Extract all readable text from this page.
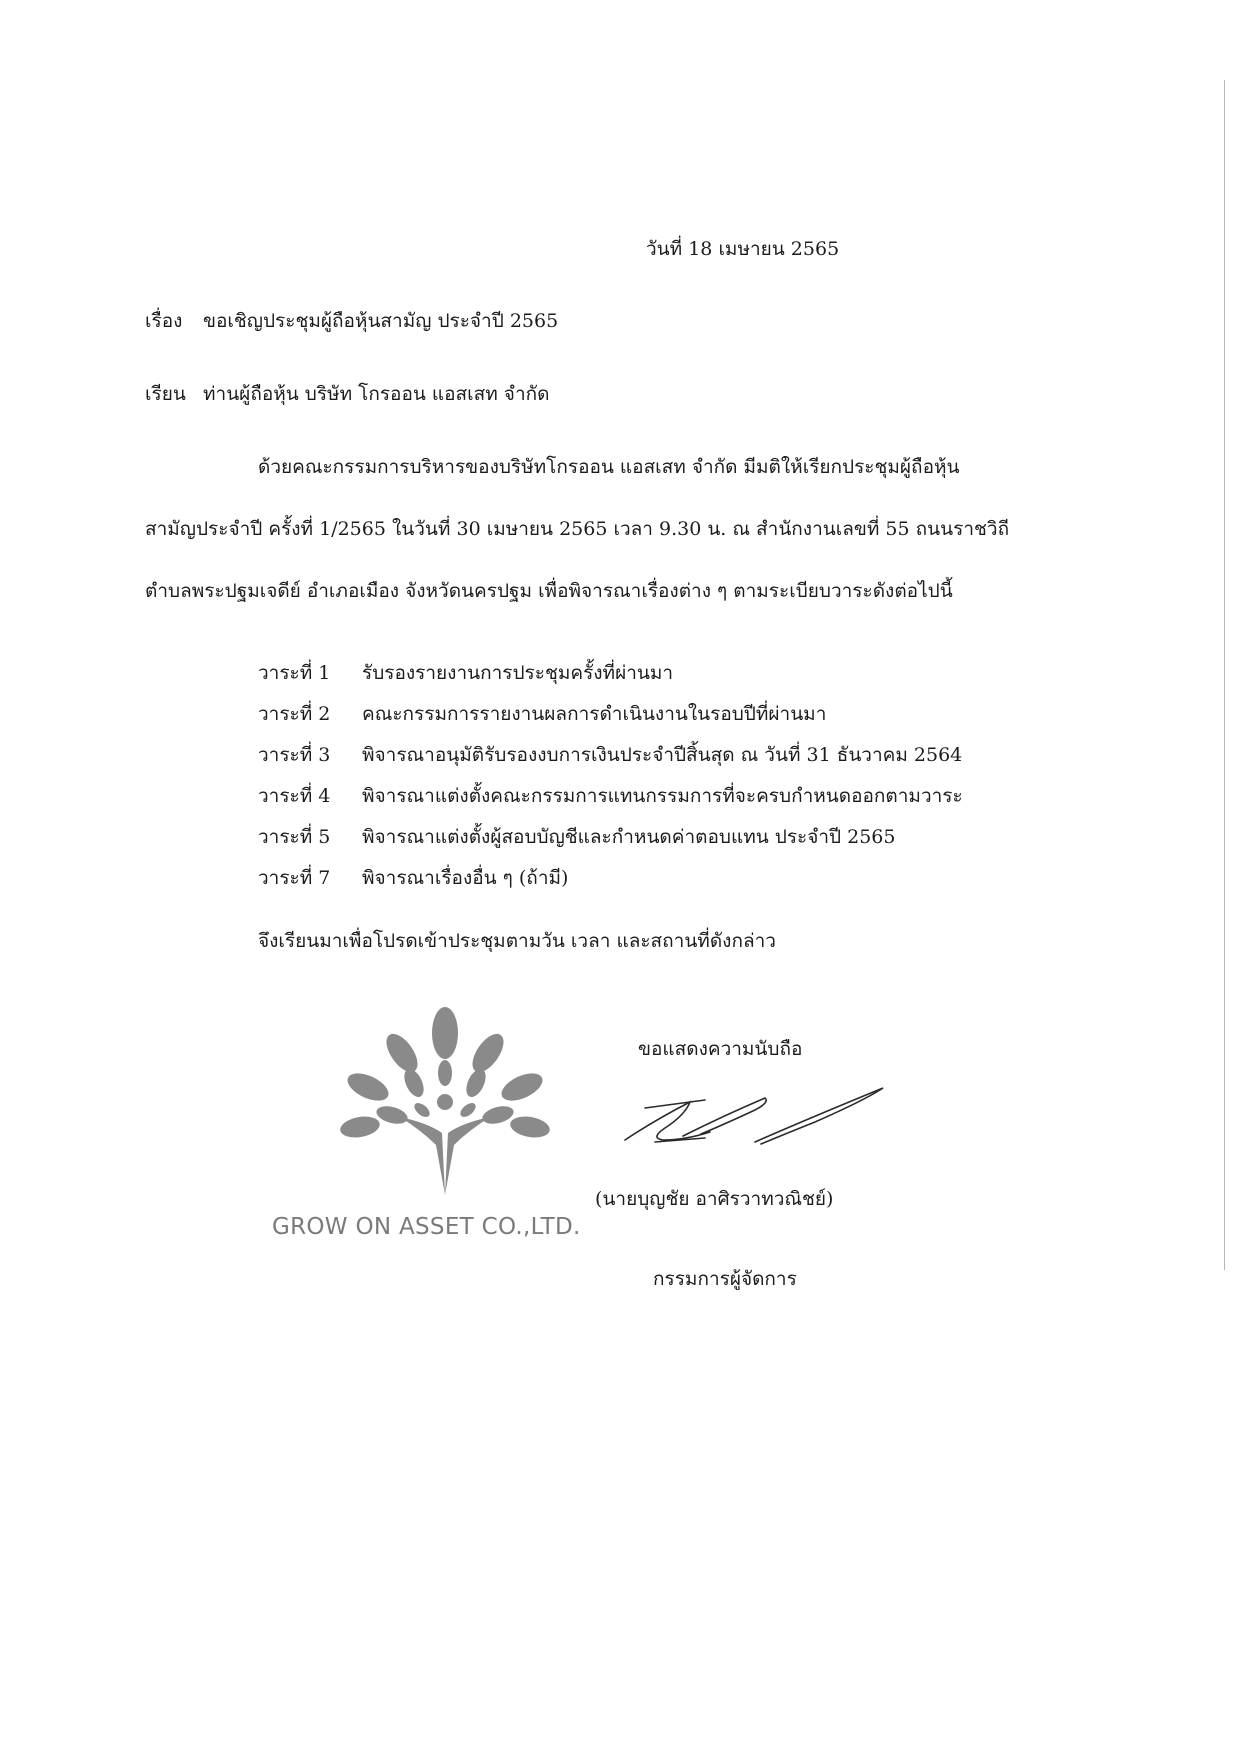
วันที่ 18 เมษายน 2565
เรื่อง ขอเชิญประชุมผู้ถือหุ้นสามัญ ประจำปี 2565
เรียน ท่านผู้ถือหุ้น บริษัท โกรออน แอสเสท จำกัด
ด้วยคณะกรรมการบริหารของบริษัทโกรออน แอสเสท จำกัด มีมติให้เรียกประชุมผู้ถือหุ้น
สามัญประจำปี ครั้งที่ 1/2565 ในวันที่ 30 เมษายน 2565 เวลา 9.30 น. ณ สำนักงานเลขที่ 55 ถนนราชวิถี
ตำบลพระปฐมเจดีย์ อำเภอเมือง จังหวัดนครปฐม เพื่อพิจารณาเรื่องต่าง ๆ ตามระเบียบวาระดังต่อไปนี้
วาระที่ 1 รับรองรายงานการประชุมครั้งที่ผ่านมา
วาระที่ 2 คณะกรรมการรายงานผลการดำเนินงานในรอบปีที่ผ่านมา
วาระที่ 3 พิจารณาอนุมัติรับรองงบการเงินประจำปีสิ้นสุด ณ วันที่ 31 ธันวาคม 2564
วาระที่ 4 พิจารณาแต่งตั้งคณะกรรมการแทนกรรมการที่จะครบกำหนดออกตามวาระ
วาระที่ 5 พิจารณาแต่งตั้งผู้สอบบัญชีและกำหนดค่าตอบแทน ประจำปี 2565
วาระที่ 7 พิจารณาเรื่องอื่น ๆ (ถ้ามี)
จึงเรียนมาเพื่อโปรดเข้าประชุมตามวัน เวลา และสถานที่ดังกล่าว
GROW ON ASSET CO.,LTD.
ขอแสดงความนับถือ
(นายบุญชัย อาศิรวาทวณิชย์)
กรรมการผู้จัดการ
